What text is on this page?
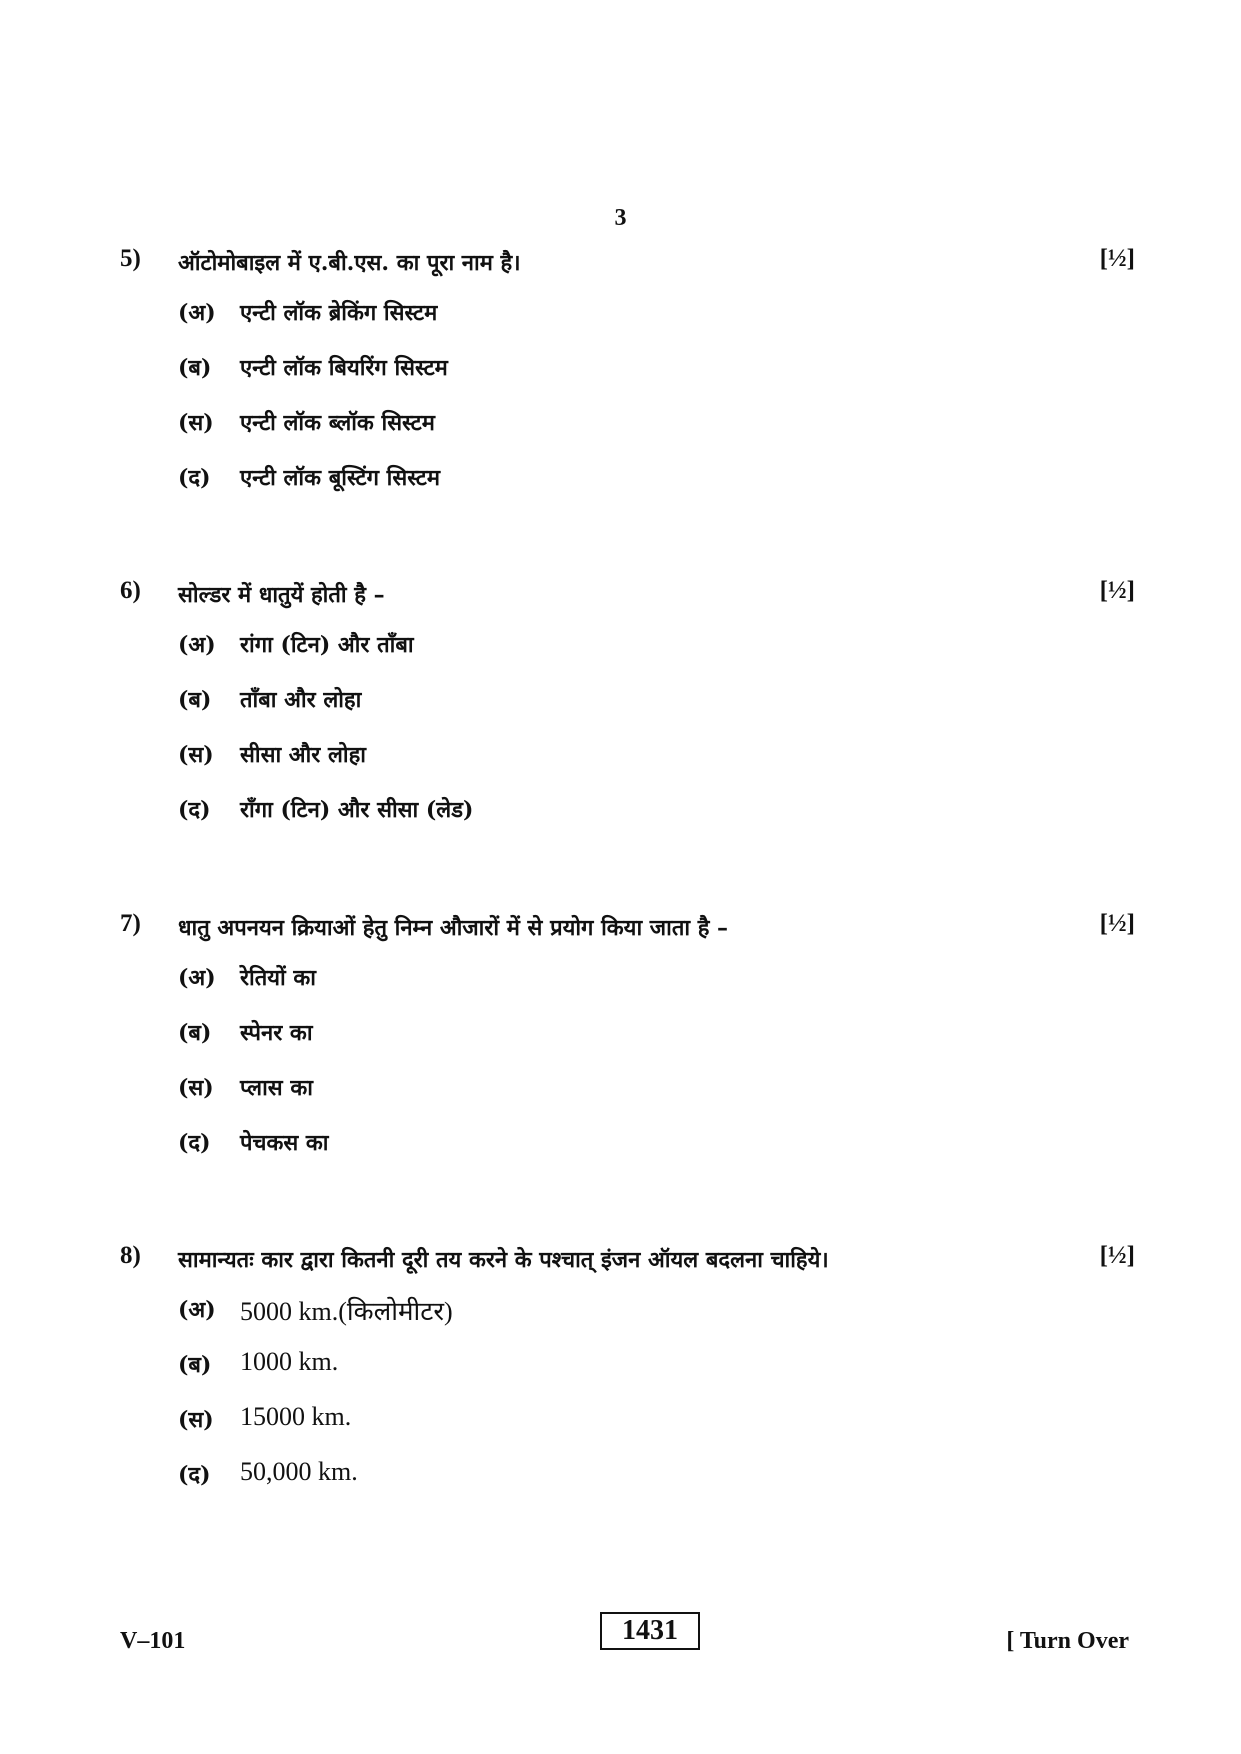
3
5) ऑटोमोबाइल में ए.बी.एस. का पूरा नाम है।	[½]
(अ) एन्टी लॉक ब्रेकिंग सिस्टम
(ब) एन्टी लॉक बियरिंग सिस्टम
(स) एन्टी लॉक ब्लॉक सिस्टम
(द) एन्टी लॉक बूस्टिंग सिस्टम
6) सोल्डर में धातुयें होती है –	[½]
(अ) रांगा (टिन) और ताँबा
(ब) ताँबा और लोहा
(स) सीसा और लोहा
(द) राँगा (टिन) और सीसा (लेड)
7) धातु अपनयन क्रियाओं हेतु निम्न औजारों में से प्रयोग किया जाता है –	[½]
(अ) रेतियों का
(ब) स्पेनर का
(स) प्लास का
(द) पेचकस का
8) सामान्यतः कार द्वारा कितनी दूरी तय करने के पश्चात् इंजन ऑयल बदलना चाहिये।	[½]
(अ) 5000 km.(किलोमीटर)
(ब) 1000 km.
(स) 15000 km.
(द) 50,000 km.
V–101	1431	[ Turn Over
